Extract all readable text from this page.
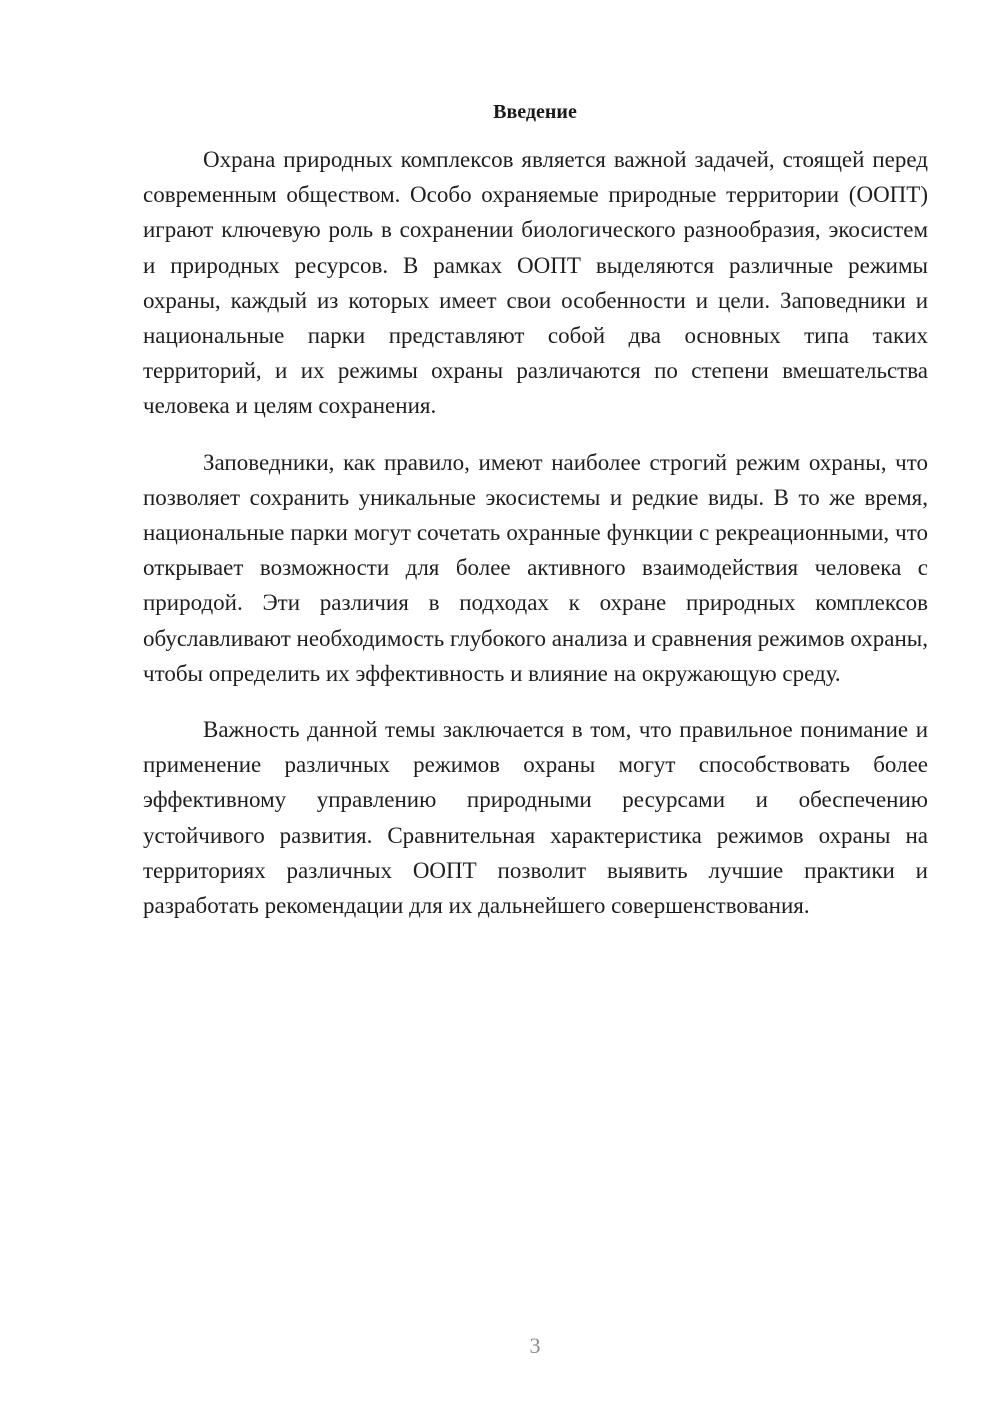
Введение

Охрана природных комплексов является важной задачей, стоящей перед современным обществом. Особо охраняемые природные территории (ООПТ) играют ключевую роль в сохранении биологического разнообразия, экосистем и природных ресурсов. В рамках ООПТ выделяются различные режимы охраны, каждый из которых имеет свои особенности и цели. Заповедники и национальные парки представляют собой два основных типа таких территорий, и их режимы охраны различаются по степени вмешательства человека и целям сохранения.

Заповедники, как правило, имеют наиболее строгий режим охраны, что позволяет сохранить уникальные экосистемы и редкие виды. В то же время, национальные парки могут сочетать охранные функции с рекреационными, что открывает возможности для более активного взаимодействия человека с природой. Эти различия в подходах к охране природных комплексов обуславливают необходимость глубокого анализа и сравнения режимов охраны, чтобы определить их эффективность и влияние на окружающую среду.

Важность данной темы заключается в том, что правильное понимание и применение различных режимов охраны могут способствовать более эффективному управлению природными ресурсами и обеспечению устойчивого развития. Сравнительная характеристика режимов охраны на территориях различных ООПТ позволит выявить лучшие практики и разработать рекомендации для их дальнейшего совершенствования.

3
